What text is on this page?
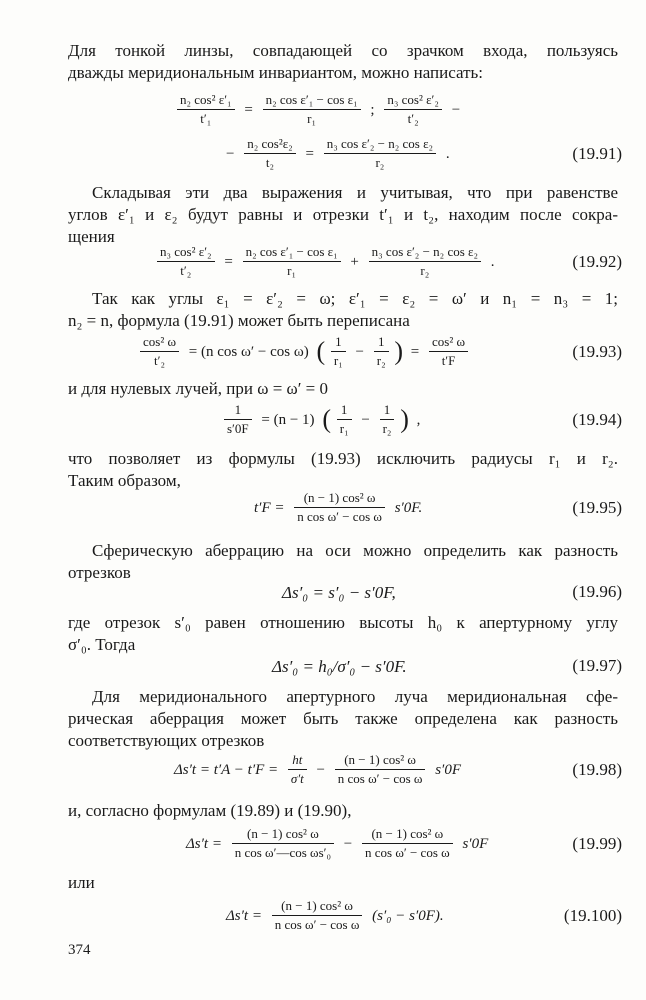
Для тонкой линзы, совпадающей со зрачком входа, пользуясь

дважды меридиональным инвариантом, можно написать:

$\frac{\text{n₂ cos² ε′₁}}{\text{t′₁}} = \frac{\text{n₂ cos ε′₁ − cos ε₁}}{\text{r₁}}$ ; $\frac{\text{n₃ cos² ε′₂}}{\text{t′₂}}$ −
− $\frac{\text{n₂ cos²ε₂}}{\text{t₂}} = \frac{\text{n₃ cos ε′₂ − n₂ cos ε₂}}{\text{r₂}}$ .	(19.91)

Складывая эти два выражения и учитывая, что при равенстве

углов ε′₁ и ε₂ будут равны и отрезки t′₁ и t₂, находим после сокра-

щения

$\frac{\text{n₃ cos² ε′₂}}{\text{t′₂}} = \frac{\text{n₂ cos ε′₁ − cos ε₁}}{\text{r₁}} + \frac{\text{n₃ cos ε′₂ − n₂ cos ε₂}}{\text{r₂}}$ .	(19.92)

Так как углы ε₁ = ε′₂ = ω; ε′₁ = ε₂ = ω′ и n₁ = n₃ = 1;

n₂ = n, формула (19.91) может быть переписана

$\frac{\text{cos² ω}}{\text{t′₂}} = (n$ cos ω′ − cos ω) ( $\frac{1}{\text{r₁}} - \frac{1}{\text{r₂}}$ ) = $\frac{\text{cos² ω}}{t'F}$	(19.93)

и для нулевых лучей, при ω = ω′ = 0

$\frac{1}{s'0F} = (n - 1)$ ( $\frac{1}{\text{r₁}} - \frac{1}{\text{r₂}}$ ) ,	(19.94)

что позволяет из формулы (19.93) исключить радиусы r₁ и r₂.

Таким образом,

$t'F = \frac{\text{(n − 1) cos² ω}}{\text{n cos ω′ − cos ω}} s'0F$.	(19.95)

Сферическую аберрацию на оси можно определить как разность

отрезков

Δs′₀ = s′₀ − s′0F,	(19.96)

где отрезок s′₀ равен отношению высоты h₀ к апертурному углу

σ′₀. Тогда

Δs′₀ = h₀/σ′₀ − s′0F.	(19.97)

Для меридионального апертурного луча меридиональная сфе-

рическая аберрация может быть также определена как разность

соответствующих отрезков

$\Delta s't = t'A - t'F = \frac{ht}{\sigma't} - \frac{\text{(n − 1) cos² ω}}{\text{n cos ω′ − cos ω}} s'0F$	(19.98)

и, согласно формулам (19.89) и (19.90),

$\Delta s't = \frac{\text{(n − 1) cos² ω}}{\text{n cos ω′—cos ωs′₀}} - \frac{\text{(n − 1) cos² ω}}{\text{n cos ω′ − cos ω}} s'0F$	(19.99)

или

$\Delta s't = \frac{\text{(n − 1) cos² ω}}{\text{n cos ω′ − cos ω}} (s'_0 - s'0F)$.	(19.100)
374
